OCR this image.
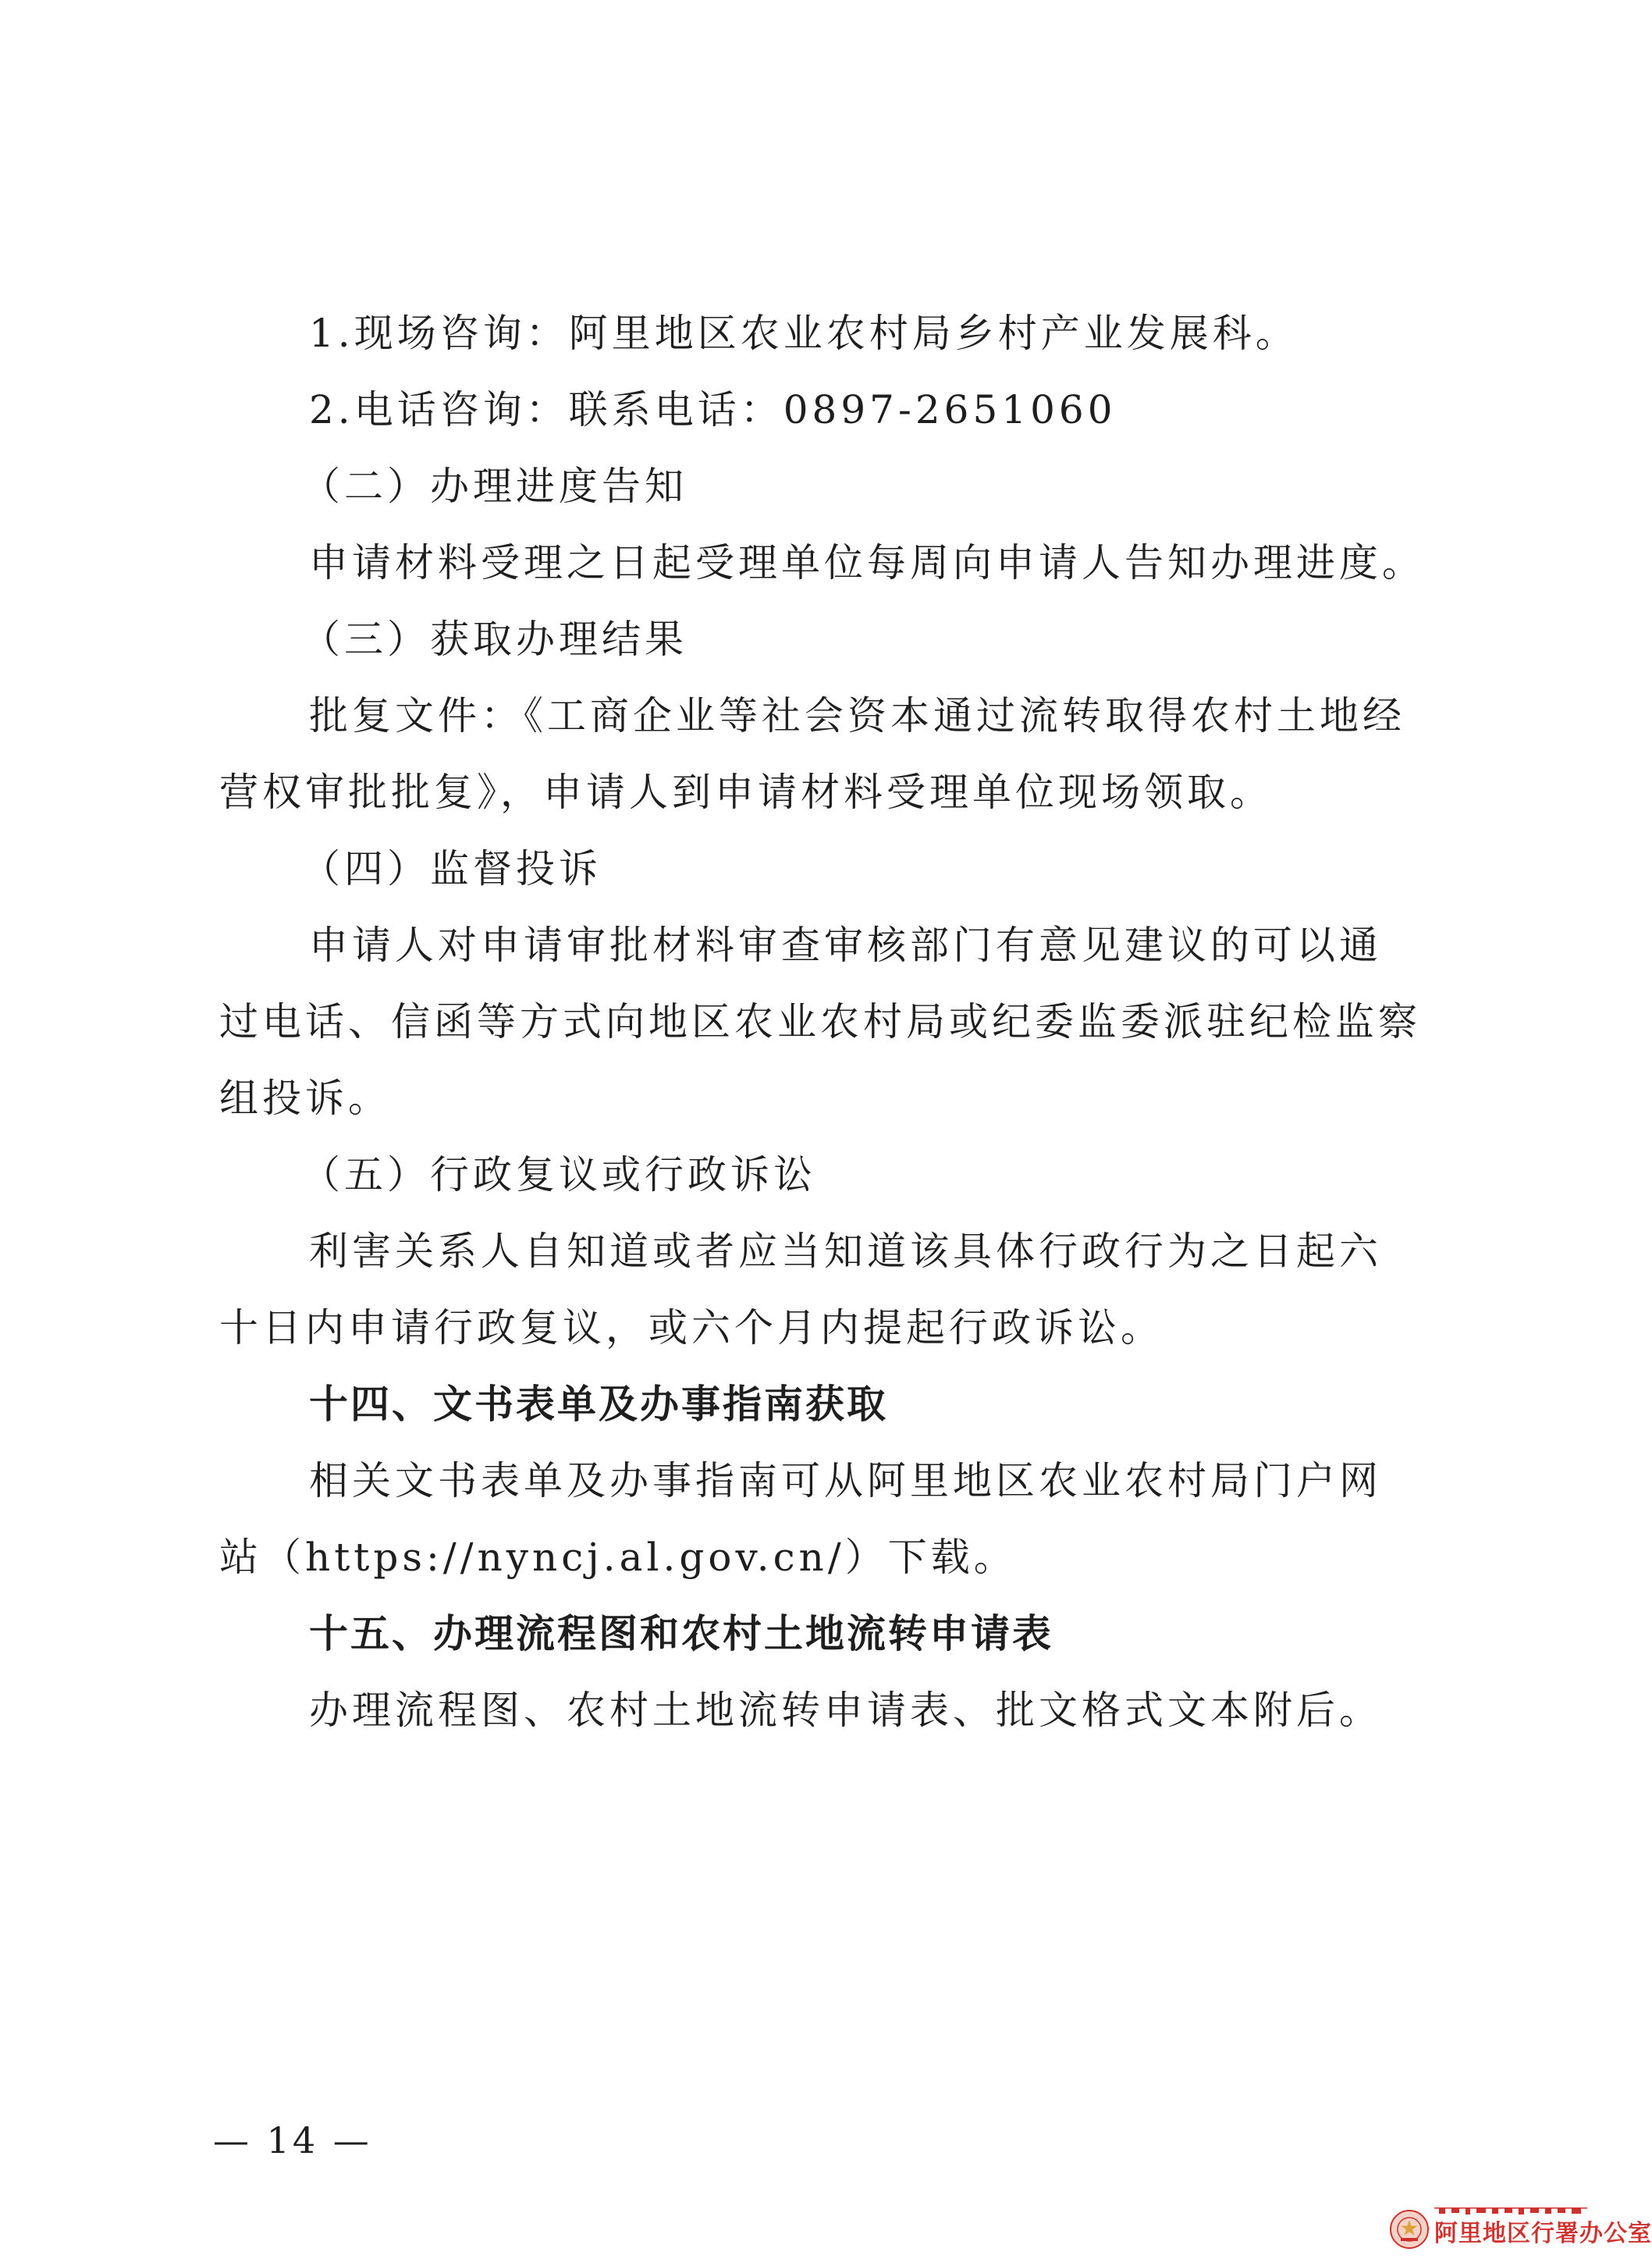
1.现场咨询：阿里地区农业农村局乡村产业发展科。
2.电话咨询：联系电话：0897-2651060
（二）办理进度告知
申请材料受理之日起受理单位每周向申请人告知办理进度。
（三）获取办理结果
批复文件：《工商企业等社会资本通过流转取得农村土地经
营权审批批复》，申请人到申请材料受理单位现场领取。
（四）监督投诉
申请人对申请审批材料审查审核部门有意见建议的可以通
过电话、信函等方式向地区农业农村局或纪委监委派驻纪检监察
组投诉。
（五）行政复议或行政诉讼
利害关系人自知道或者应当知道该具体行政行为之日起六
十日内申请行政复议，或六个月内提起行政诉讼。
十四、文书表单及办事指南获取
相关文书表单及办事指南可从阿里地区农业农村局门户网
站（https://nyncj.al.gov.cn/）下载。
十五、办理流程图和农村土地流转申请表
办理流程图、农村土地流转申请表、批文格式文本附后。
— 14 —
阿里地区行署办公室
